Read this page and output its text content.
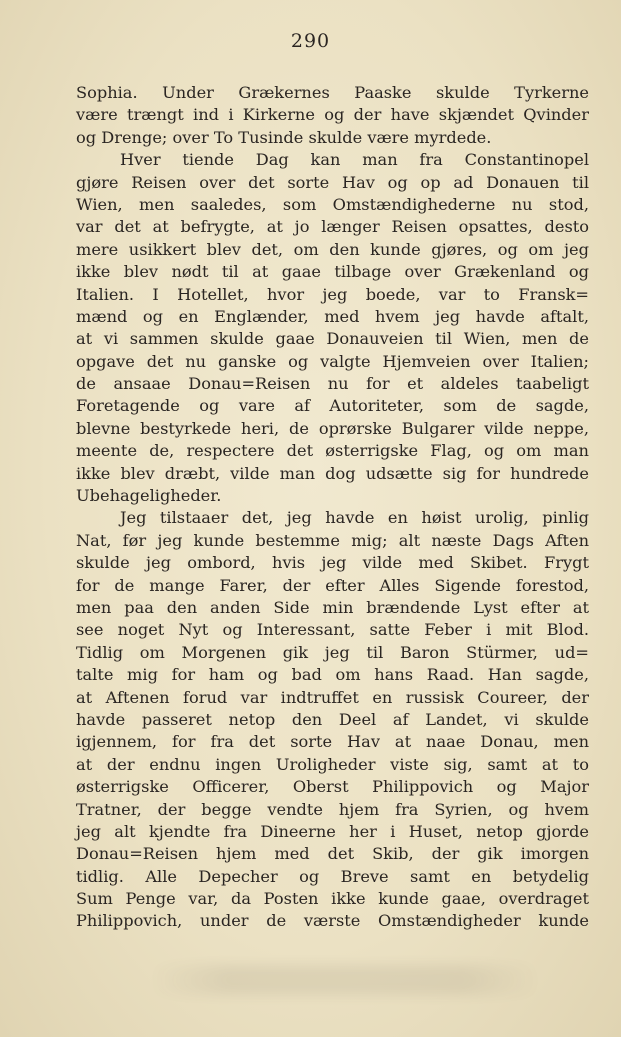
290
Sophia. Under Grækernes Paaske skulde Tyrkerne
være trængt ind i Kirkerne og der have skjændet Qvinder
og Drenge; over To Tusinde skulde være myrdede.
Hver tiende Dag kan man fra Constantinopel
gjøre Reisen over det sorte Hav og op ad Donauen til
Wien, men saaledes, som Omstændighederne nu stod,
var det at befrygte, at jo længer Reisen opsattes, desto
mere usikkert blev det, om den kunde gjøres, og om jeg
ikke blev nødt til at gaae tilbage over Grækenland og
Italien. I Hotellet, hvor jeg boede, var to Fransk=
mænd og en Englænder, med hvem jeg havde aftalt,
at vi sammen skulde gaae Donauveien til Wien, men de
opgave det nu ganske og valgte Hjemveien over Italien;
de ansaae Donau=Reisen nu for et aldeles taabeligt
Foretagende og vare af Autoriteter, som de sagde,
blevne bestyrkede heri, de oprørske Bulgarer vilde neppe,
meente de, respectere det østerrigske Flag, og om man
ikke blev dræbt, vilde man dog udsætte sig for hundrede
Ubehageligheder.
Jeg tilstaaer det, jeg havde en høist urolig, pinlig
Nat, før jeg kunde bestemme mig; alt næste Dags Aften
skulde jeg ombord, hvis jeg vilde med Skibet. Frygt
for de mange Farer, der efter Alles Sigende forestod,
men paa den anden Side min brændende Lyst efter at
see noget Nyt og Interessant, satte Feber i mit Blod.
Tidlig om Morgenen gik jeg til Baron Stürmer, ud=
talte mig for ham og bad om hans Raad. Han sagde,
at Aftenen forud var indtruffet en russisk Coureer, der
havde passeret netop den Deel af Landet, vi skulde
igjennem, for fra det sorte Hav at naae Donau, men
at der endnu ingen Uroligheder viste sig, samt at to
østerrigske Officerer, Oberst Philippovich og Major
Tratner, der begge vendte hjem fra Syrien, og hvem
jeg alt kjendte fra Dineerne her i Huset, netop gjorde
Donau=Reisen hjem med det Skib, der gik imorgen
tidlig. Alle Depecher og Breve samt en betydelig
Sum Penge var, da Posten ikke kunde gaae, overdraget
Philippovich, under de værste Omstændigheder kunde
